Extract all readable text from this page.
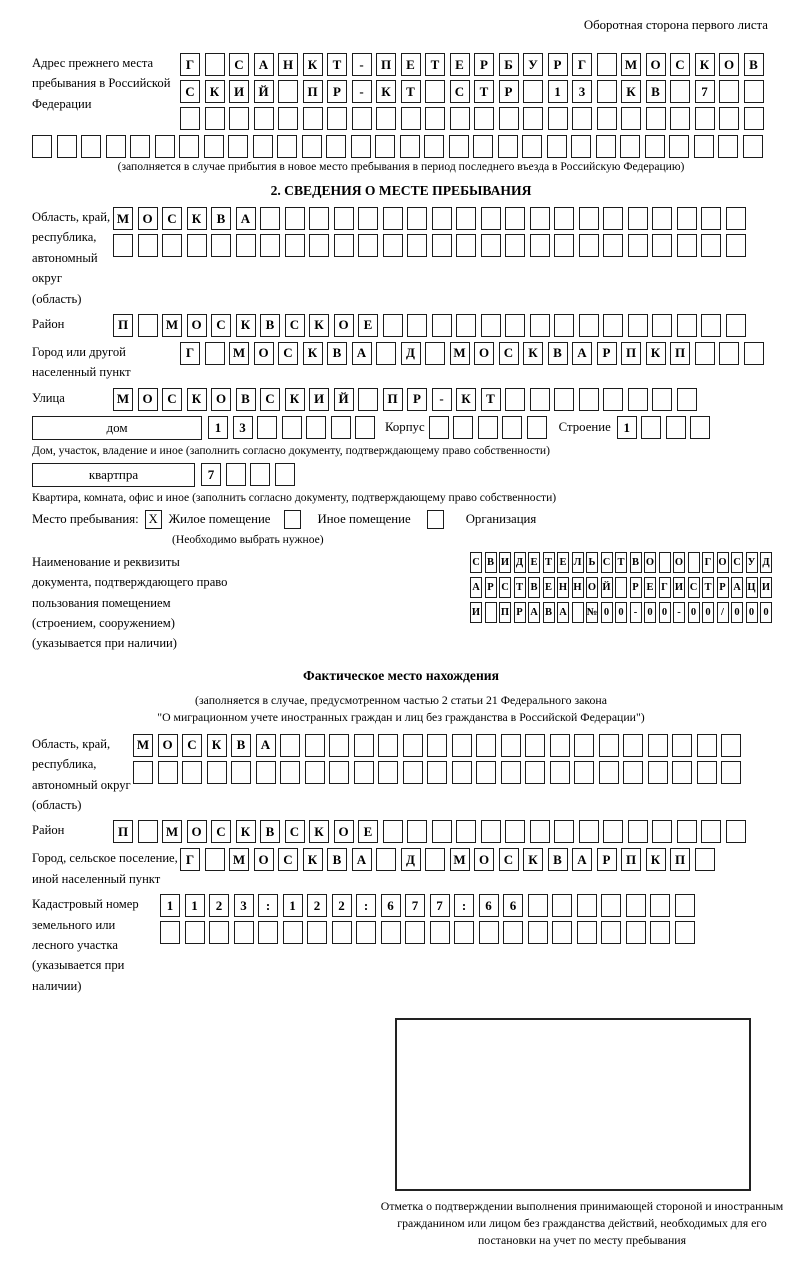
Оборотная сторона первого листа
Адрес прежнего места пребывания в Российской Федерации
Г	С	А	Н	К	Т	-	П	Е	Т	Е	Р	Б	У	Р	Г	М	О	С	К	О	В
С	К	И	Й	П	Р	-	К	Т	С	Т	Р	1	3	К	В	7
(заполняется в случае прибытия в новое место пребывания в период последнего въезда в Российскую Федерацию)
2. СВЕДЕНИЯ О МЕСТЕ ПРЕБЫВАНИЯ
Область, край, республика, автономный округ (область)
М	О	С	К	В	А
Район	П	М	О	С	К	В	С	К	О	Е
Город или другой населенный пункт
Г	М	О	С	К	В	А	Д	М	О	С	К	В	А	Р	П	К	П
Улица	М	О	С	К	О	В	С	К	И	Й	П	Р	-	К	Т
дом	1	3	Корпус	Строение 1
Дом, участок, владение и иное (заполнить согласно документу, подтверждающему право собственности)
квартпра	7
Квартира, комната, офис и иное (заполнить согласно документу, подтверждающему право собственности)
Место пребывания: X Жилое помещение	Иное помещение	Организация
(Необходимо выбрать нужное)
Наименование и реквизиты документа, подтверждающего право пользования помещением (строением, сооружением) (указывается при наличии)
С В И Д Е Т Е Л Ь С Т В О О Г О С У Д
А Р С Т В Е Н Н О Й Р Е Г И С Т Р А Ц И
И П Р А В А № 0 0 - 0 0 - 0 0 / 0 0 0
Фактическое место нахождения
(заполняется в случае, предусмотренном частью 2 статьи 21 Федерального закона
"О миграционном учете иностранных граждан и лиц без гражданства в Российской Федерации")
Область, край, республика, автономный округ (область)
М	О	С	К	В	А
Район	П	М	О	С	К	В	С	К	О	Е
Город, сельское поселение, иной населенный пункт
Г	М	О	С	К	В	А	Д	М	О	С	К	В	А	Р	П	К	П
Кадастровый номер земельного или лесного участка (указывается при наличии)
1	1	2	3	:	1	2	2	:	6	7	7	:	6	6
Отметка о подтверждении выполнения принимающей стороной и иностранным гражданином или лицом без гражданства действий, необходимых для его постановки на учет по месту пребывания
